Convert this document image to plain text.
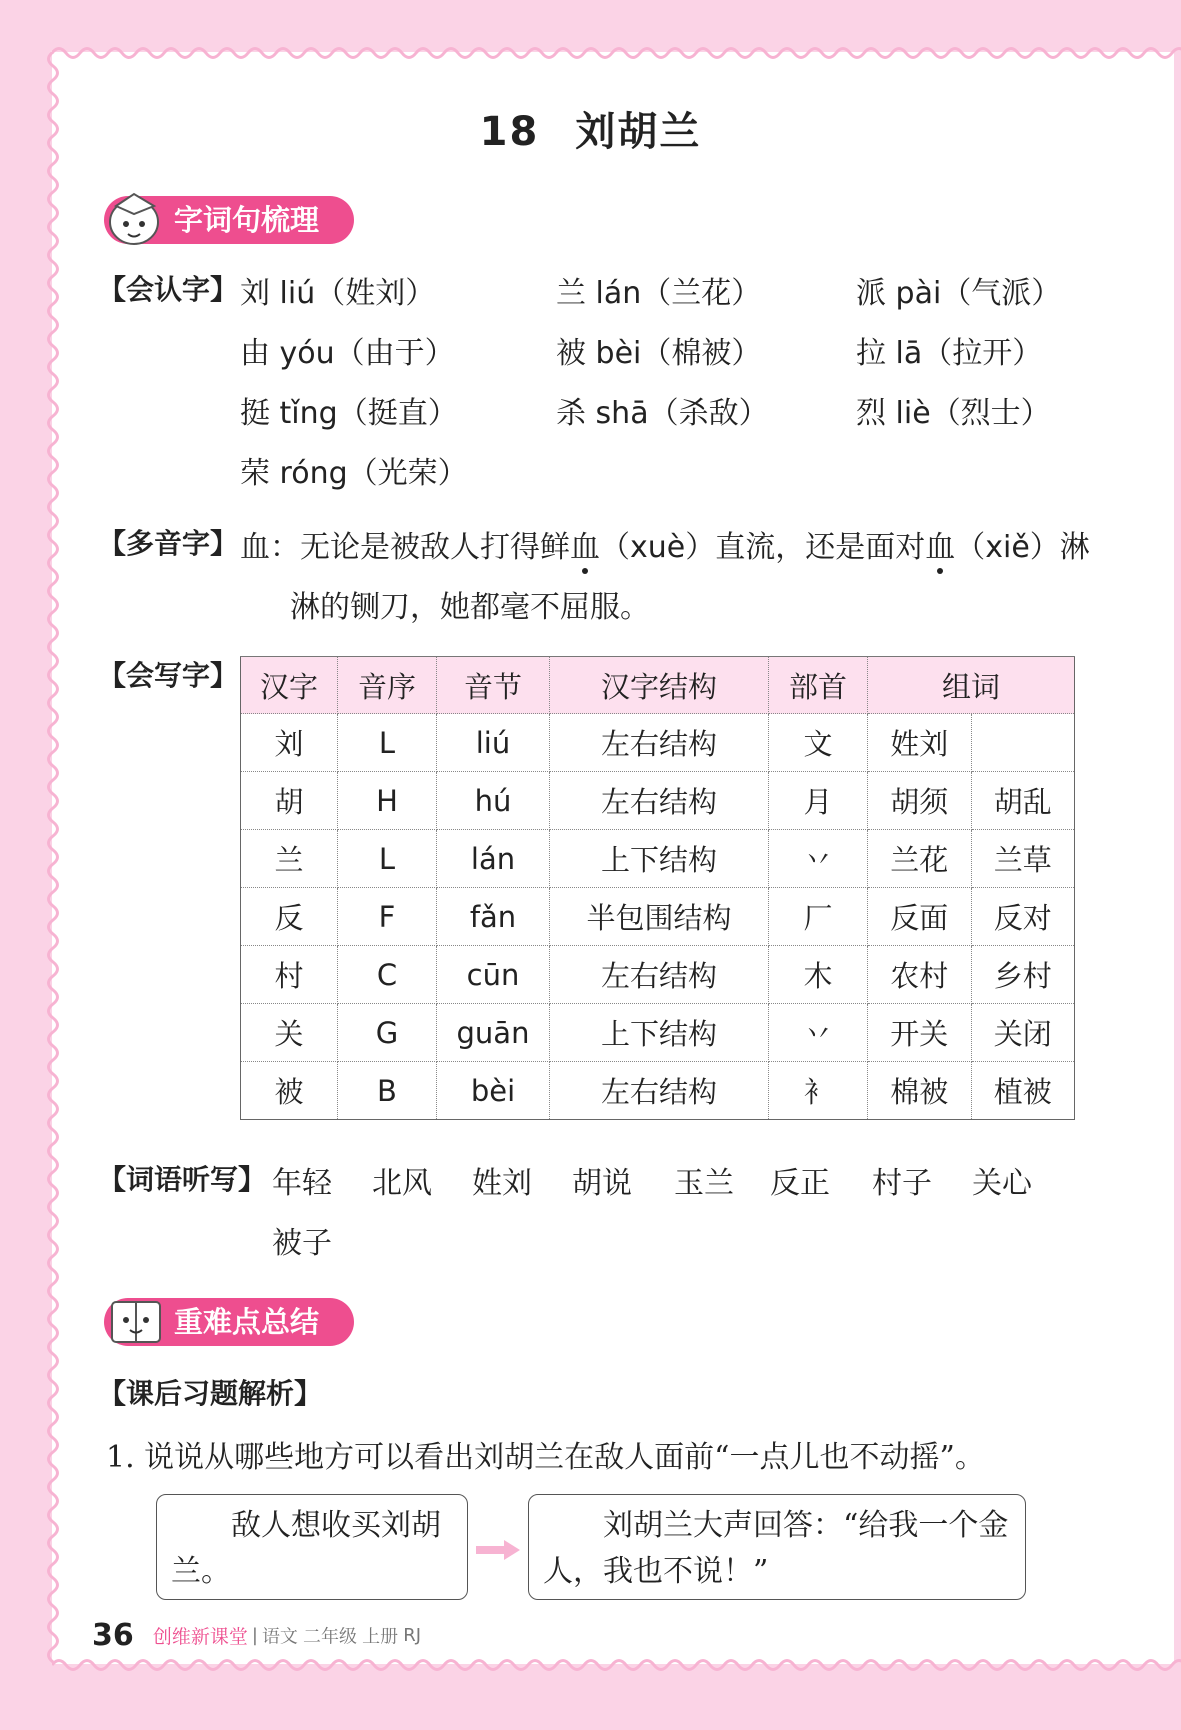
18 刘胡兰
字词句梳理
【会认字】 刘 liú（姓刘）	兰 lán（兰花）	派 pài（气派）
由 yóu（由于）	被 bèi（棉被）	拉 lā（拉开）
挺 tǐng（挺直）	杀 shā（杀敌）	烈 liè（烈士）
荣 róng（光荣）
【多音字】 血：无论是被敌人打得鲜血（xuè）直流，还是面对血（xiě）淋
淋的铡刀，她都毫不屈服。
【会写字】 汉字	音序	音节	汉字结构	部首	组词	
刘	L	liú	左右结构	文	姓刘	
胡	H	hú	左右结构	月	胡须	胡乱
兰	L	lán	上下结构	丷	兰花	兰草
反	F	fǎn	半包围结构	厂	反面	反对
村	C	cūn	左右结构	木	农村	乡村
关	G	guān	上下结构	丷	开关	关闭
被	B	bèi	左右结构	衤	棉被	植被
【词语听写】 年轻 北风 姓刘 胡说 玉兰 反正 村子 关心
被子
重难点总结
【课后习题解析】
1. 说说从哪些地方可以看出刘胡兰在敌人面前“一点儿也不动摇”。
敌人想收买刘胡兰。
刘胡兰大声回答：“给我一个金人，我也不说！”
36 创维新课堂 | 语文 二年级 上册 RJ
